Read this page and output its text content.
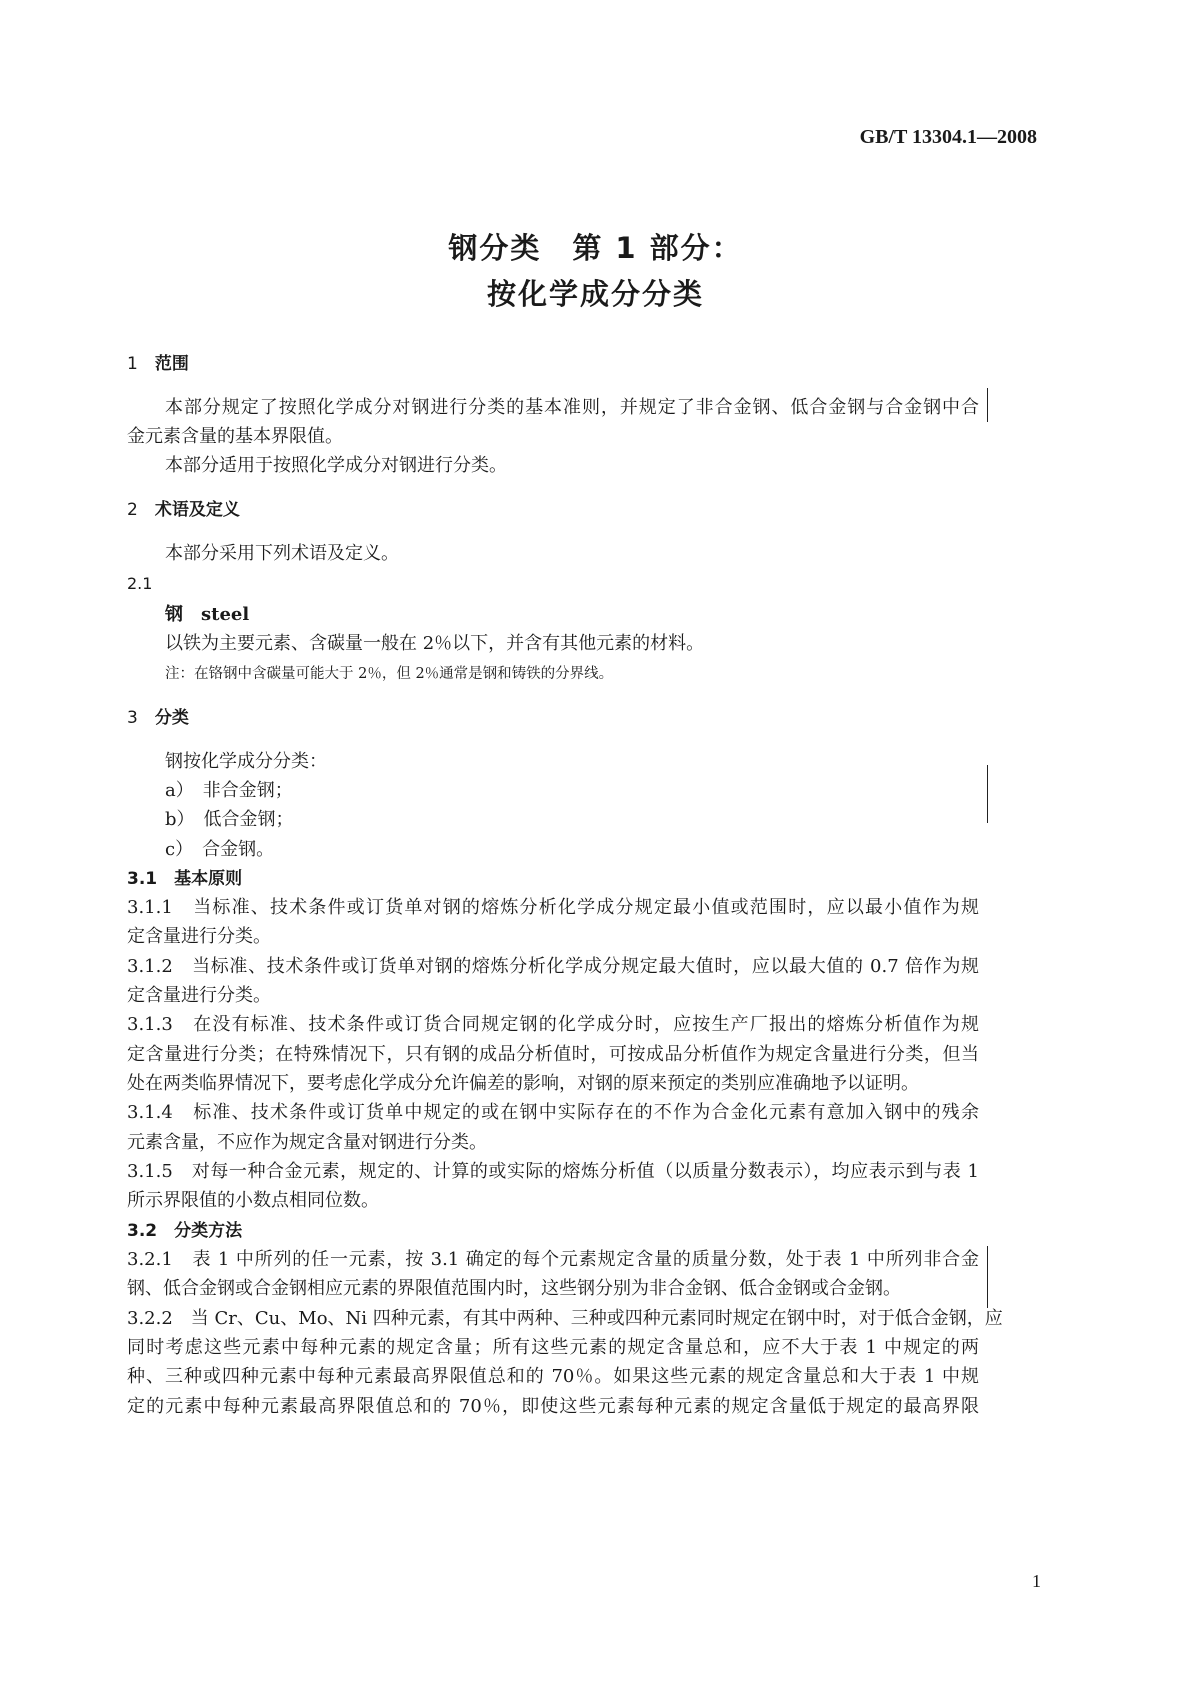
GB/T 13304.1—2008
钢分类　第 1 部分：
按化学成分分类
1　 范围
本部分规定了按照化学成分对钢进行分类的基本准则，并规定了非合金钢、低合金钢与合金钢中合
金元素含量的基本界限值。
本部分适用于按照化学成分对钢进行分类。
2　 术语及定义
本部分采用下列术语及定义。
2.1
钢　steel
以铁为主要元素、含碳量一般在 2％以下，并含有其他元素的材料。
注：在铬钢中含碳量可能大于 2％，但 2％通常是钢和铸铁的分界线。
3　 分类
钢按化学成分分类：
a）　非合金钢；
b）　低合金钢；
c）　合金钢。
3.1　基本原则
3.1.1　当标准、技术条件或订货单对钢的熔炼分析化学成分规定最小值或范围时，应以最小值作为规
定含量进行分类。
3.1.2　当标准、技术条件或订货单对钢的熔炼分析化学成分规定最大值时，应以最大值的 0.7 倍作为规
定含量进行分类。
3.1.3　在没有标准、技术条件或订货合同规定钢的化学成分时，应按生产厂报出的熔炼分析值作为规
定含量进行分类；在特殊情况下，只有钢的成品分析值时，可按成品分析值作为规定含量进行分类，但当
处在两类临界情况下，要考虑化学成分允许偏差的影响，对钢的原来预定的类别应准确地予以证明。
3.1.4　标准、技术条件或订货单中规定的或在钢中实际存在的不作为合金化元素有意加入钢中的残余
元素含量，不应作为规定含量对钢进行分类。
3.1.5　对每一种合金元素，规定的、计算的或实际的熔炼分析值（以质量分数表示），均应表示到与表 1
所示界限值的小数点相同位数。
3.2　分类方法
3.2.1　表 1 中所列的任一元素，按 3.1 确定的每个元素规定含量的质量分数，处于表 1 中所列非合金
钢、低合金钢或合金钢相应元素的界限值范围内时，这些钢分别为非合金钢、低合金钢或合金钢。
3.2.2　当 Cr、Cu、Mo、Ni 四种元素，有其中两种、三种或四种元素同时规定在钢中时，对于低合金钢，应
同时考虑这些元素中每种元素的规定含量；所有这些元素的规定含量总和，应不大于表 1 中规定的两
种、三种或四种元素中每种元素最高界限值总和的 70％。如果这些元素的规定含量总和大于表 1 中规
定的元素中每种元素最高界限值总和的 70％，即使这些元素每种元素的规定含量低于规定的最高界限
1
